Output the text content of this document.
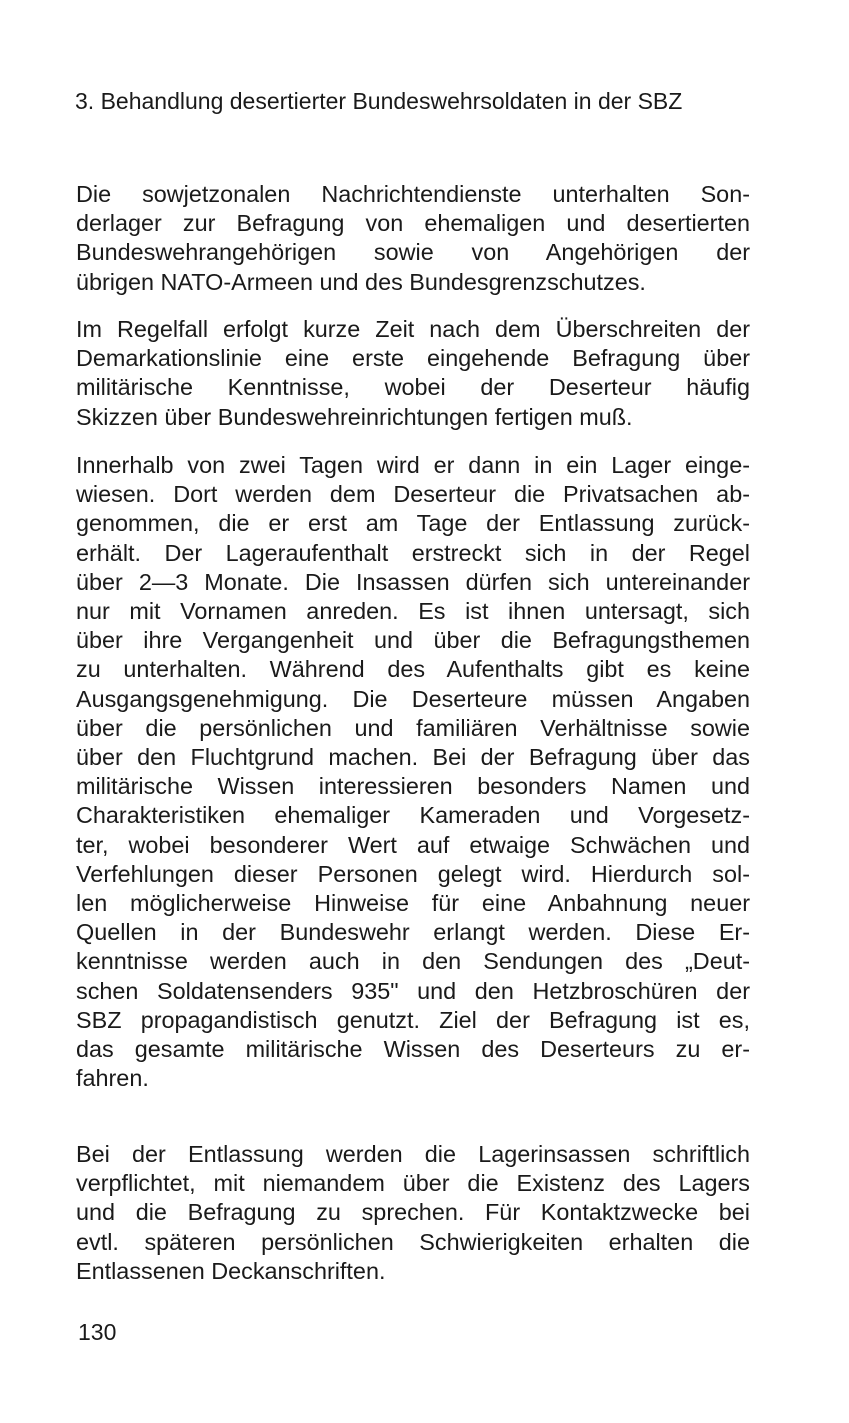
3. Behandlung desertierter Bundeswehrsoldaten in der SBZ
Die sowjetzonalen Nachrichtendienste unterhalten Son-
derlager zur Befragung von ehemaligen und desertierten
Bundeswehrangehörigen sowie von Angehörigen der
übrigen NATO-Armeen und des Bundesgrenzschutzes.
Im Regelfall erfolgt kurze Zeit nach dem Überschreiten der
Demarkationslinie eine erste eingehende Befragung über
militärische Kenntnisse, wobei der Deserteur häufig
Skizzen über Bundeswehreinrichtungen fertigen muß.
Innerhalb von zwei Tagen wird er dann in ein Lager einge-
wiesen. Dort werden dem Deserteur die Privatsachen ab-
genommen, die er erst am Tage der Entlassung zurück-
erhält. Der Lageraufenthalt erstreckt sich in der Regel
über 2—3 Monate. Die Insassen dürfen sich untereinander
nur mit Vornamen anreden. Es ist ihnen untersagt, sich
über ihre Vergangenheit und über die Befragungsthemen
zu unterhalten. Während des Aufenthalts gibt es keine
Ausgangsgenehmigung. Die Deserteure müssen Angaben
über die persönlichen und familiären Verhältnisse sowie
über den Fluchtgrund machen. Bei der Befragung über das
militärische Wissen interessieren besonders Namen und
Charakteristiken ehemaliger Kameraden und Vorgesetz-
ter, wobei besonderer Wert auf etwaige Schwächen und
Verfehlungen dieser Personen gelegt wird. Hierdurch sol-
len möglicherweise Hinweise für eine Anbahnung neuer
Quellen in der Bundeswehr erlangt werden. Diese Er-
kenntnisse werden auch in den Sendungen des „Deut-
schen Soldatensenders 935" und den Hetzbroschüren der
SBZ propagandistisch genutzt. Ziel der Befragung ist es,
das gesamte militärische Wissen des Deserteurs zu er-
fahren.
Bei der Entlassung werden die Lagerinsassen schriftlich
verpflichtet, mit niemandem über die Existenz des Lagers
und die Befragung zu sprechen. Für Kontaktzwecke bei
evtl. späteren persönlichen Schwierigkeiten erhalten die
Entlassenen Deckanschriften.
130
